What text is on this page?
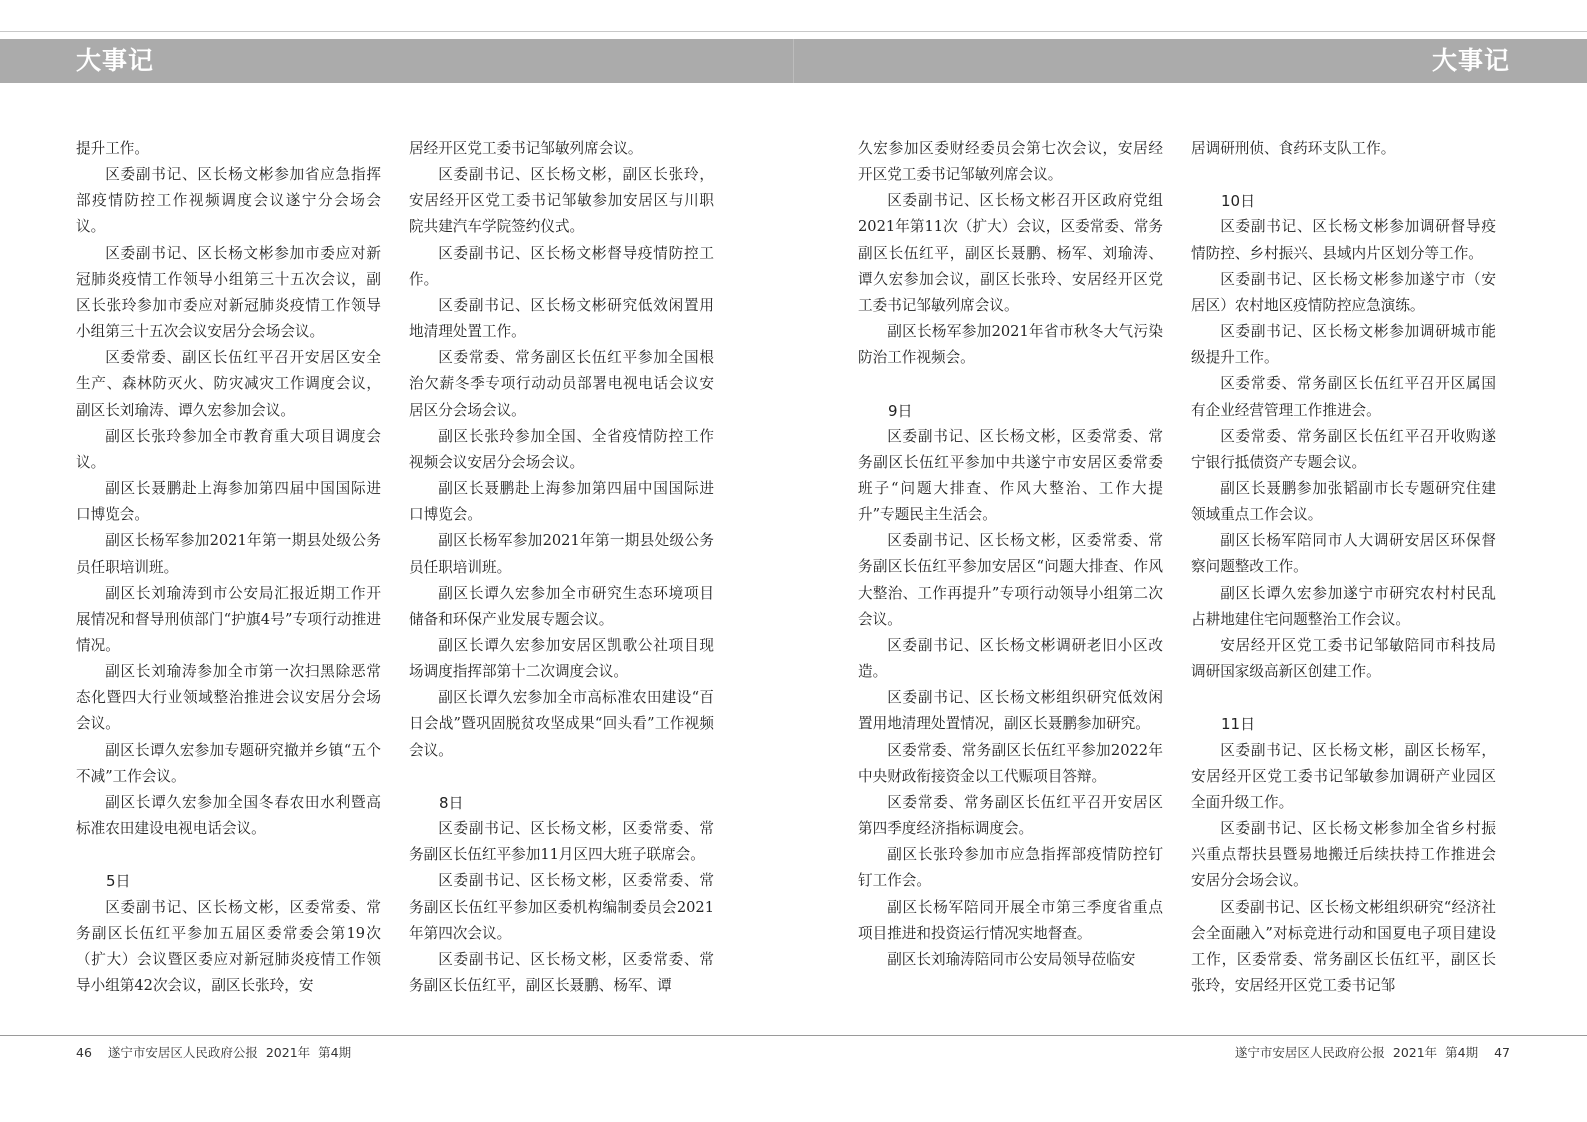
大事记	大事记

提升工作。

区委副书记、区长杨文彬参加省应急指挥部疫情防控工作视频调度会议遂宁分会场会议。

区委副书记、区长杨文彬参加市委应对新冠肺炎疫情工作领导小组第三十五次会议，副区长张玲参加市委应对新冠肺炎疫情工作领导小组第三十五次会议安居分会场会议。

区委常委、副区长伍红平召开安居区安全生产、森林防灭火、防灾减灾工作调度会议，副区长刘瑜涛、谭久宏参加会议。

副区长张玲参加全市教育重大项目调度会议。

副区长聂鹏赴上海参加第四届中国国际进口博览会。

副区长杨军参加2021年第一期县处级公务员任职培训班。

副区长刘瑜涛到市公安局汇报近期工作开展情况和督导刑侦部门“护旗4号”专项行动推进情况。

副区长刘瑜涛参加全市第一次扫黑除恶常态化暨四大行业领域整治推进会议安居分会场会议。

副区长谭久宏参加专题研究撤并乡镇“五个不减”工作会议。

副区长谭久宏参加全国冬春农田水利暨高标准农田建设电视电话会议。

5日

区委副书记、区长杨文彬，区委常委、常务副区长伍红平参加五届区委常委会第19次（扩大）会议暨区委应对新冠肺炎疫情工作领导小组第42次会议，副区长张玲，安

居经开区党工委书记邹敏列席会议。

区委副书记、区长杨文彬，副区长张玲，安居经开区党工委书记邹敏参加安居区与川职院共建汽车学院签约仪式。

区委副书记、区长杨文彬督导疫情防控工作。

区委副书记、区长杨文彬研究低效闲置用地清理处置工作。

区委常委、常务副区长伍红平参加全国根治欠薪冬季专项行动动员部署电视电话会议安居区分会场会议。

副区长张玲参加全国、全省疫情防控工作视频会议安居分会场会议。

副区长聂鹏赴上海参加第四届中国国际进口博览会。

副区长杨军参加2021年第一期县处级公务员任职培训班。

副区长谭久宏参加全市研究生态环境项目储备和环保产业发展专题会议。

副区长谭久宏参加安居区凯歌公社项目现场调度指挥部第十二次调度会议。

副区长谭久宏参加全市高标准农田建设“百日会战”暨巩固脱贫攻坚成果“回头看”工作视频会议。

8日

区委副书记、区长杨文彬，区委常委、常务副区长伍红平参加11月区四大班子联席会。

区委副书记、区长杨文彬，区委常委、常务副区长伍红平参加区委机构编制委员会2021年第四次会议。

区委副书记、区长杨文彬，区委常委、常务副区长伍红平，副区长聂鹏、杨军、谭

久宏参加区委财经委员会第七次会议，安居经开区党工委书记邹敏列席会议。

区委副书记、区长杨文彬召开区政府党组2021年第11次（扩大）会议，区委常委、常务副区长伍红平，副区长聂鹏、杨军、刘瑜涛、谭久宏参加会议，副区长张玲、安居经开区党工委书记邹敏列席会议。

副区长杨军参加2021年省市秋冬大气污染防治工作视频会。

9日

区委副书记、区长杨文彬，区委常委、常务副区长伍红平参加中共遂宁市安居区委常委班子“问题大排查、作风大整治、工作大提升”专题民主生活会。

区委副书记、区长杨文彬，区委常委、常务副区长伍红平参加安居区“问题大排查、作风大整治、工作再提升”专项行动领导小组第二次会议。

区委副书记、区长杨文彬调研老旧小区改造。

区委副书记、区长杨文彬组织研究低效闲置用地清理处置情况，副区长聂鹏参加研究。

区委常委、常务副区长伍红平参加2022年中央财政衔接资金以工代赈项目答辩。

区委常委、常务副区长伍红平召开安居区第四季度经济指标调度会。

副区长张玲参加市应急指挥部疫情防控钉钉工作会。

副区长杨军陪同开展全市第三季度省重点项目推进和投资运行情况实地督查。

副区长刘瑜涛陪同市公安局领导莅临安

居调研刑侦、食药环支队工作。

10日

区委副书记、区长杨文彬参加调研督导疫情防控、乡村振兴、县域内片区划分等工作。

区委副书记、区长杨文彬参加遂宁市（安居区）农村地区疫情防控应急演练。

区委副书记、区长杨文彬参加调研城市能级提升工作。

区委常委、常务副区长伍红平召开区属国有企业经营管理工作推进会。

区委常委、常务副区长伍红平召开收购遂宁银行抵债资产专题会议。

副区长聂鹏参加张韬副市长专题研究住建领域重点工作会议。

副区长杨军陪同市人大调研安居区环保督察问题整改工作。

副区长谭久宏参加遂宁市研究农村村民乱占耕地建住宅问题整治工作会议。

安居经开区党工委书记邹敏陪同市科技局调研国家级高新区创建工作。

11日

区委副书记、区长杨文彬，副区长杨军，安居经开区党工委书记邹敏参加调研产业园区全面升级工作。

区委副书记、区长杨文彬参加全省乡村振兴重点帮扶县暨易地搬迁后续扶持工作推进会安居分会场会议。

区委副书记、区长杨文彬组织研究“经济社会全面融入”对标竞进行动和国夏电子项目建设工作，区委常委、常务副区长伍红平，副区长张玲，安居经开区党工委书记邹

46 遂宁市安居区人民政府公报  2021年  第4期	遂宁市安居区人民政府公报  2021年  第4期 47
